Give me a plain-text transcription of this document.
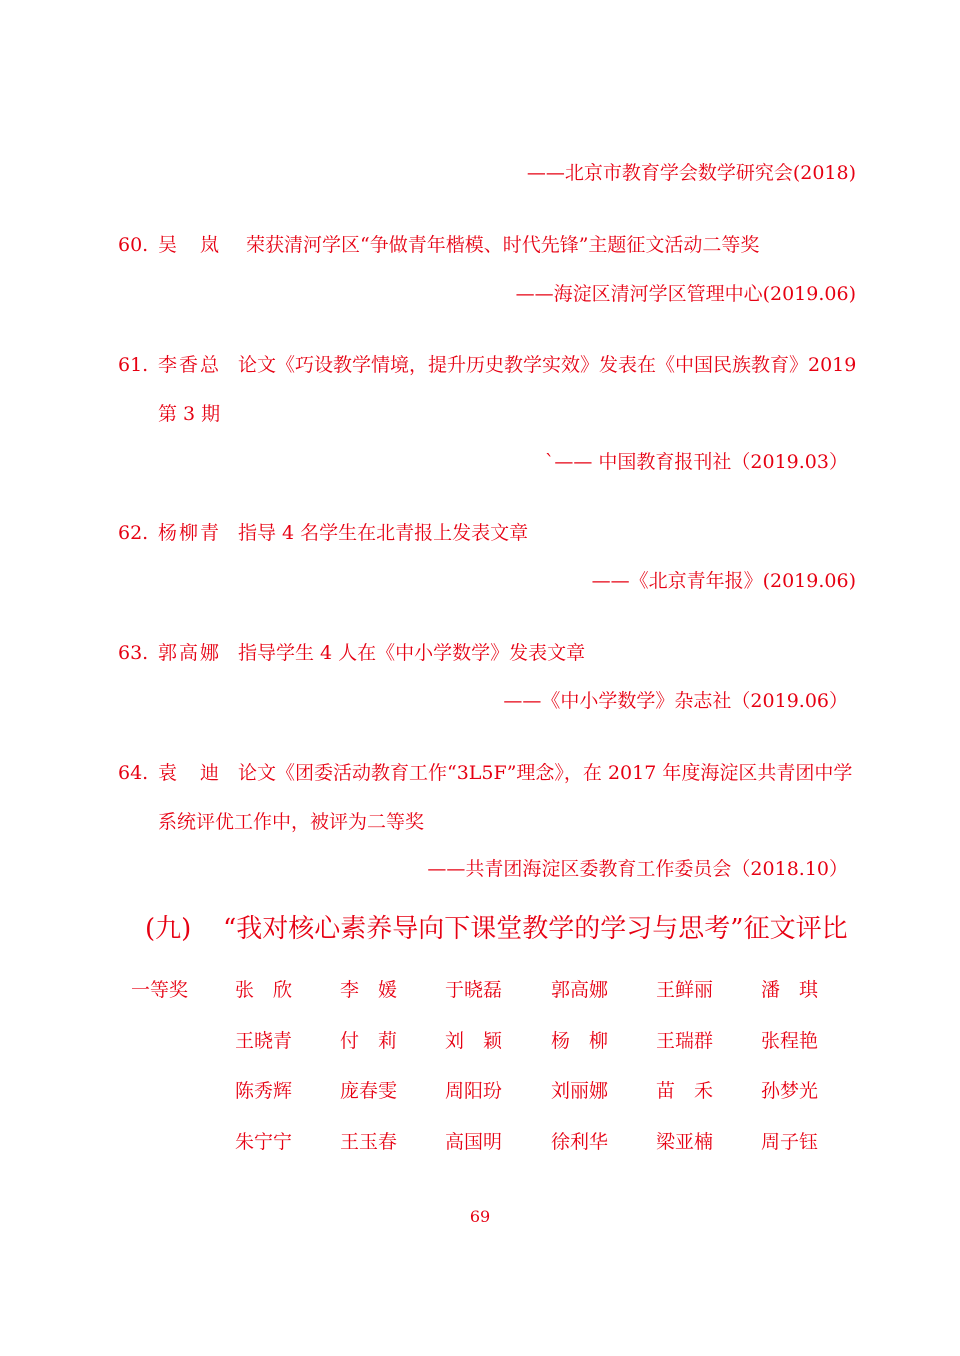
——北京市教育学会数学研究会(2018)
60. 吴　岚 荣获清河学区“争做青年楷模、时代先锋”主题征文活动二等奖
——海淀区清河学区管理中心(2019.06)
61. 李香总 论文《巧设教学情境，提升历史教学实效》发表在《中国民族教育》2019
第 3 期
`—— 中国教育报刊社（2019.03）
62. 杨柳青 指导 4 名学生在北青报上发表文章
——《北京青年报》(2019.06)
63. 郭高娜 指导学生 4 人在《中小学数学》发表文章
——《中小学数学》杂志社（2019.06）
64. 袁　迪 论文《团委活动教育工作“3L5F”理念》，在 2017 年度海淀区共青团中学
系统评优工作中，被评为二等奖
——共青团海淀区委教育工作委员会（2018.10）
(九) “我对核心素养导向下课堂教学的学习与思考”征文评比
一等奖 张　欣	李　媛	于晓磊	郭高娜	王鲜丽	潘　琪
王晓青	付　莉	刘　颖	杨　柳	王瑞群	张程艳
陈秀辉	庞春雯	周阳玢	刘丽娜	苗　禾	孙梦光
朱宁宁	王玉春	高国明	徐利华	梁亚楠	周子钰
69
